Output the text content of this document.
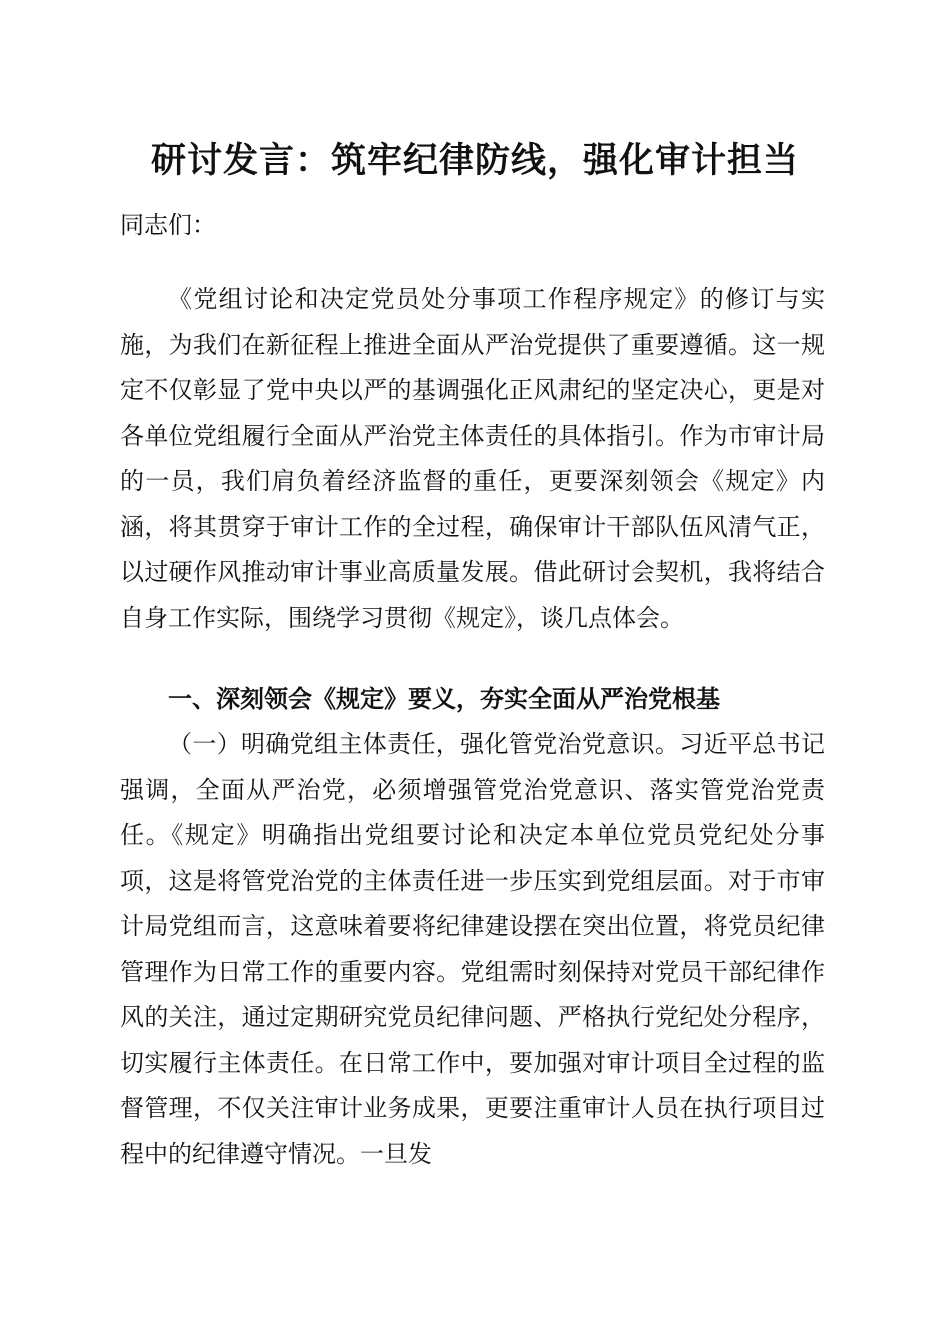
研讨发言：筑牢纪律防线，强化审计担当

同志们：

《党组讨论和决定党员处分事项工作程序规定》的修订与实施，为我们在新征程上推进全面从严治党提供了重要遵循。这一规定不仅彰显了党中央以严的基调强化正风肃纪的坚定决心，更是对各单位党组履行全面从严治党主体责任的具体指引。作为市审计局的一员，我们肩负着经济监督的重任，更要深刻领会《规定》内涵，将其贯穿于审计工作的全过程，确保审计干部队伍风清气正，以过硬作风推动审计事业高质量发展。借此研讨会契机，我将结合自身工作实际，围绕学习贯彻《规定》，谈几点体会。

一、深刻领会《规定》要义，夯实全面从严治党根基

（一）明确党组主体责任，强化管党治党意识。习近平总书记强调，全面从严治党，必须增强管党治党意识、落实管党治党责任。《规定》明确指出党组要讨论和决定本单位党员党纪处分事项，这是将管党治党的主体责任进一步压实到党组层面。对于市审计局党组而言，这意味着要将纪律建设摆在突出位置，将党员纪律管理作为日常工作的重要内容。党组需时刻保持对党员干部纪律作风的关注，通过定期研究党员纪律问题、严格执行党纪处分程序，切实履行主体责任。在日常工作中，要加强对审计项目全过程的监督管理，不仅关注审计业务成果，更要注重审计人员在执行项目过程中的纪律遵守情况。一旦发
